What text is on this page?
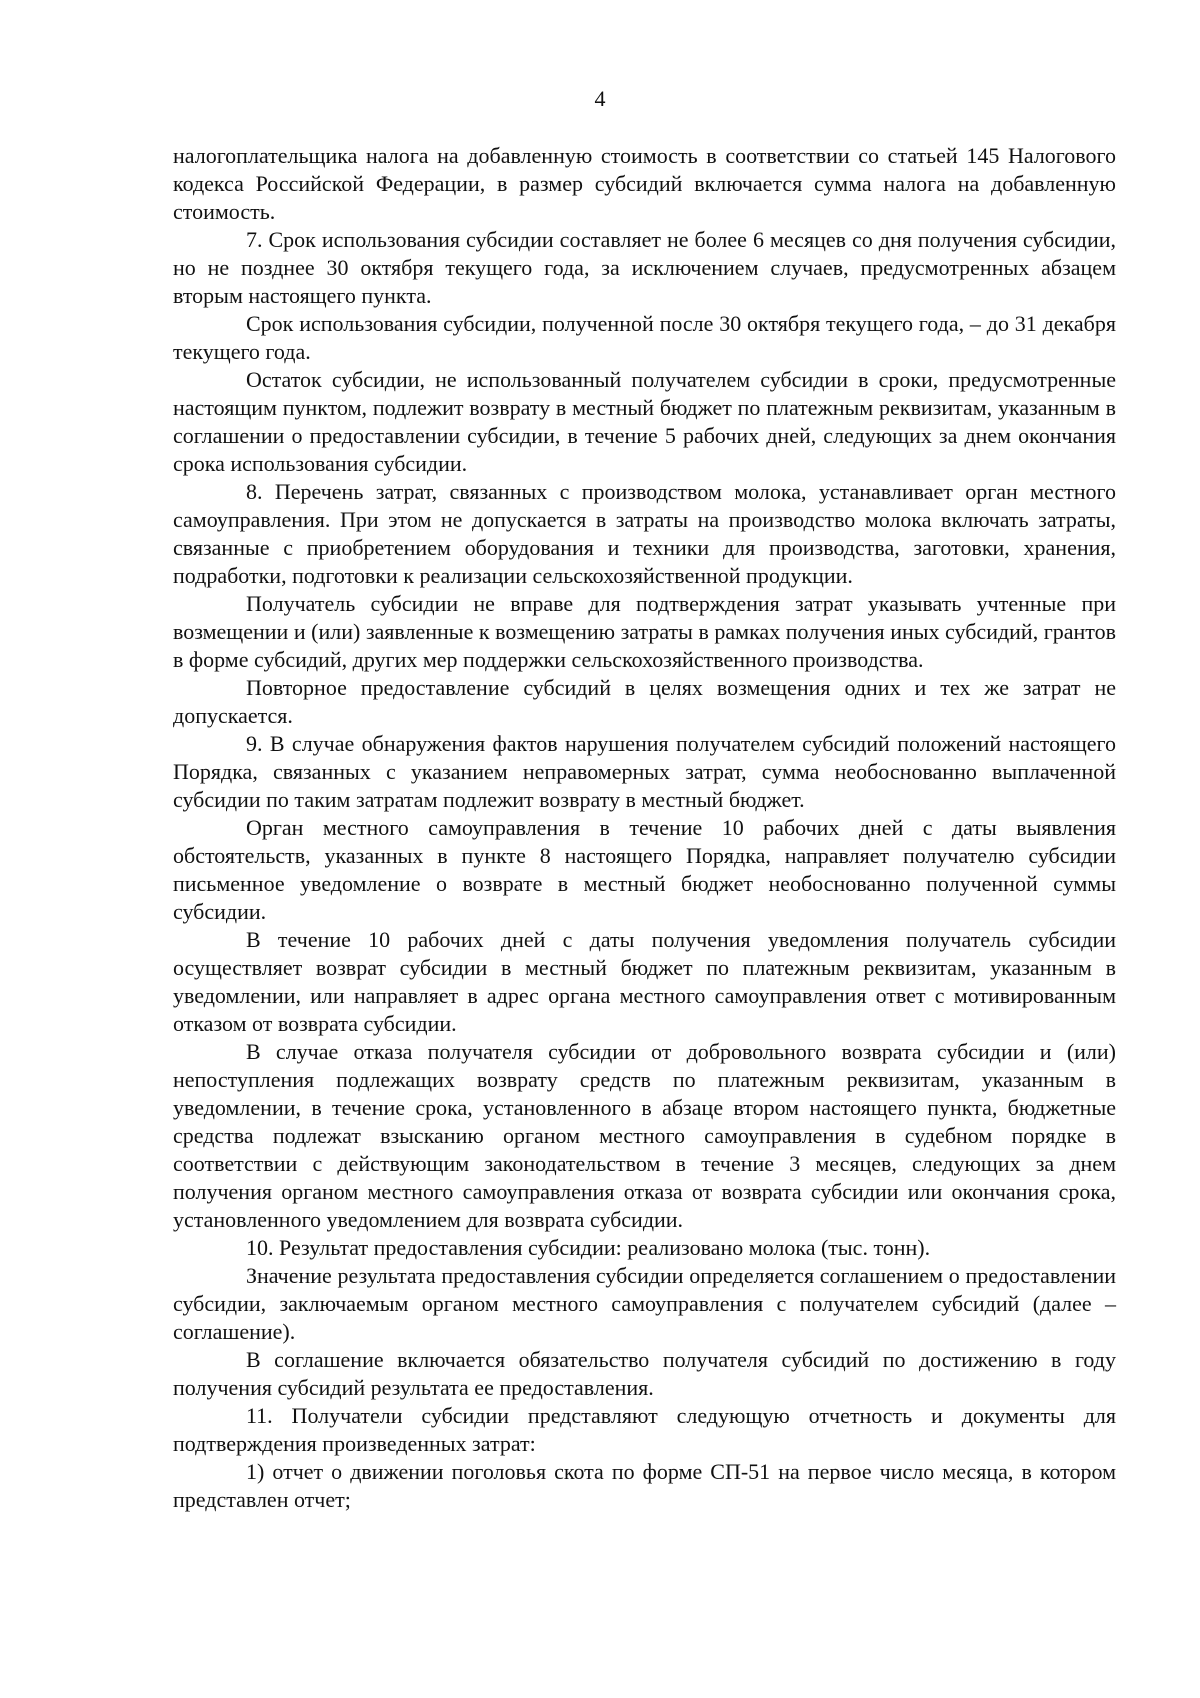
4

налогоплательщика налога на добавленную стоимость в соответствии со статьей 145 Налогового кодекса Российской Федерации, в размер субсидий включается сумма налога на добавленную стоимость.

7. Срок использования субсидии составляет не более 6 месяцев со дня получения субсидии, но не позднее 30 октября текущего года, за исключением случаев, предусмотренных абзацем вторым настоящего пункта.

Срок использования субсидии, полученной после 30 октября текущего года, – до 31 декабря текущего года.

Остаток субсидии, не использованный получателем субсидии в сроки, предусмотренные настоящим пунктом, подлежит возврату в местный бюджет по платежным реквизитам, указанным в соглашении о предоставлении субсидии, в течение 5 рабочих дней, следующих за днем окончания срока использования субсидии.

8. Перечень затрат, связанных с производством молока, устанавливает орган местного самоуправления. При этом не допускается в затраты на производство молока включать затраты, связанные с приобретением оборудования и техники для производства, заготовки, хранения, подработки, подготовки к реализации сельскохозяйственной продукции.

Получатель субсидии не вправе для подтверждения затрат указывать учтенные при возмещении и (или) заявленные к возмещению затраты в рамках получения иных субсидий, грантов в форме субсидий, других мер поддержки сельскохозяйственного производства.

Повторное предоставление субсидий в целях возмещения одних и тех же затрат не допускается.

9. В случае обнаружения фактов нарушения получателем субсидий положений настоящего Порядка, связанных с указанием неправомерных затрат, сумма необоснованно выплаченной субсидии по таким затратам подлежит возврату в местный бюджет.

Орган местного самоуправления в течение 10 рабочих дней с даты выявления обстоятельств, указанных в пункте 8 настоящего Порядка, направляет получателю субсидии письменное уведомление о возврате в местный бюджет необоснованно полученной суммы субсидии.

В течение 10 рабочих дней с даты получения уведомления получатель субсидии осуществляет возврат субсидии в местный бюджет по платежным реквизитам, указанным в уведомлении, или направляет в адрес органа местного самоуправления ответ с мотивированным отказом от возврата субсидии.

В случае отказа получателя субсидии от добровольного возврата субсидии и (или) непоступления подлежащих возврату средств по платежным реквизитам, указанным в уведомлении, в течение срока, установленного в абзаце втором настоящего пункта, бюджетные средства подлежат взысканию органом местного самоуправления в судебном порядке в соответствии с действующим законодательством в течение 3 месяцев, следующих за днем получения органом местного самоуправления отказа от возврата субсидии или окончания срока, установленного уведомлением для возврата субсидии.

10. Результат предоставления субсидии: реализовано молока (тыс. тонн).

Значение результата предоставления субсидии определяется соглашением о предоставлении субсидии, заключаемым органом местного самоуправления с получателем субсидий (далее – соглашение).

В соглашение включается обязательство получателя субсидий по достижению в году получения субсидий результата ее предоставления.

11. Получатели субсидии представляют следующую отчетность и документы для подтверждения произведенных затрат:

1) отчет о движении поголовья скота по форме СП-51 на первое число месяца, в котором представлен отчет;
